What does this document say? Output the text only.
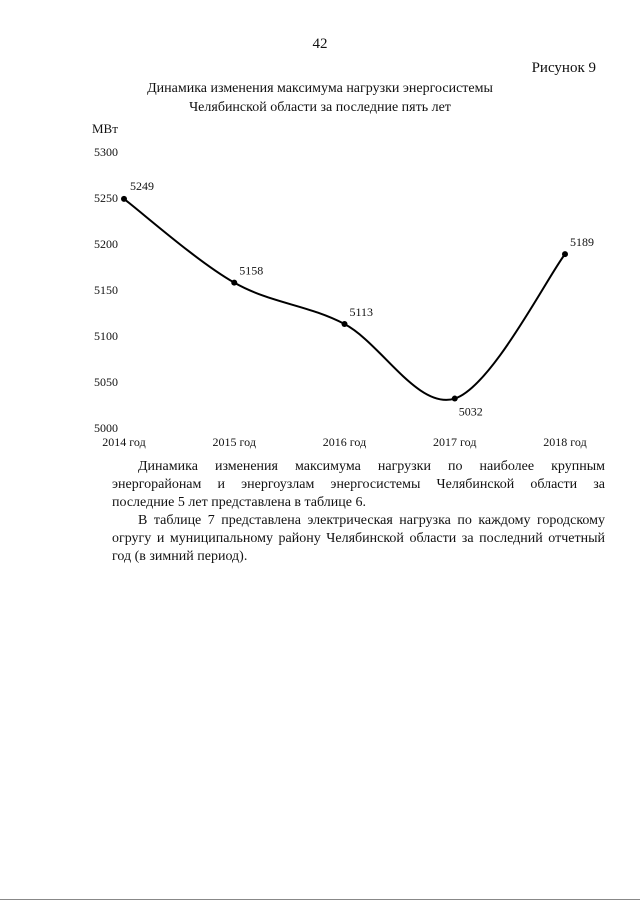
42
Рисунок 9
Динамика изменения максимума нагрузки энергосистемы
Челябинской области за последние пять лет
МВт
5300
5250
5200
5150
5100
5050
5000
2014 год	2015 год	2016 год	2017 год	2018 год
5249
5158
5113
5032
5189
Динамика изменения максимума нагрузки по наиболее крупным
энергорайонам и энергоузлам энергосистемы Челябинской области за
последние 5 лет представлена в таблице 6.
В таблице 7 представлена электрическая нагрузка по каждому городскому
огругу и муниципальному району Челябинской области за последний отчетный
год (в зимний период).
